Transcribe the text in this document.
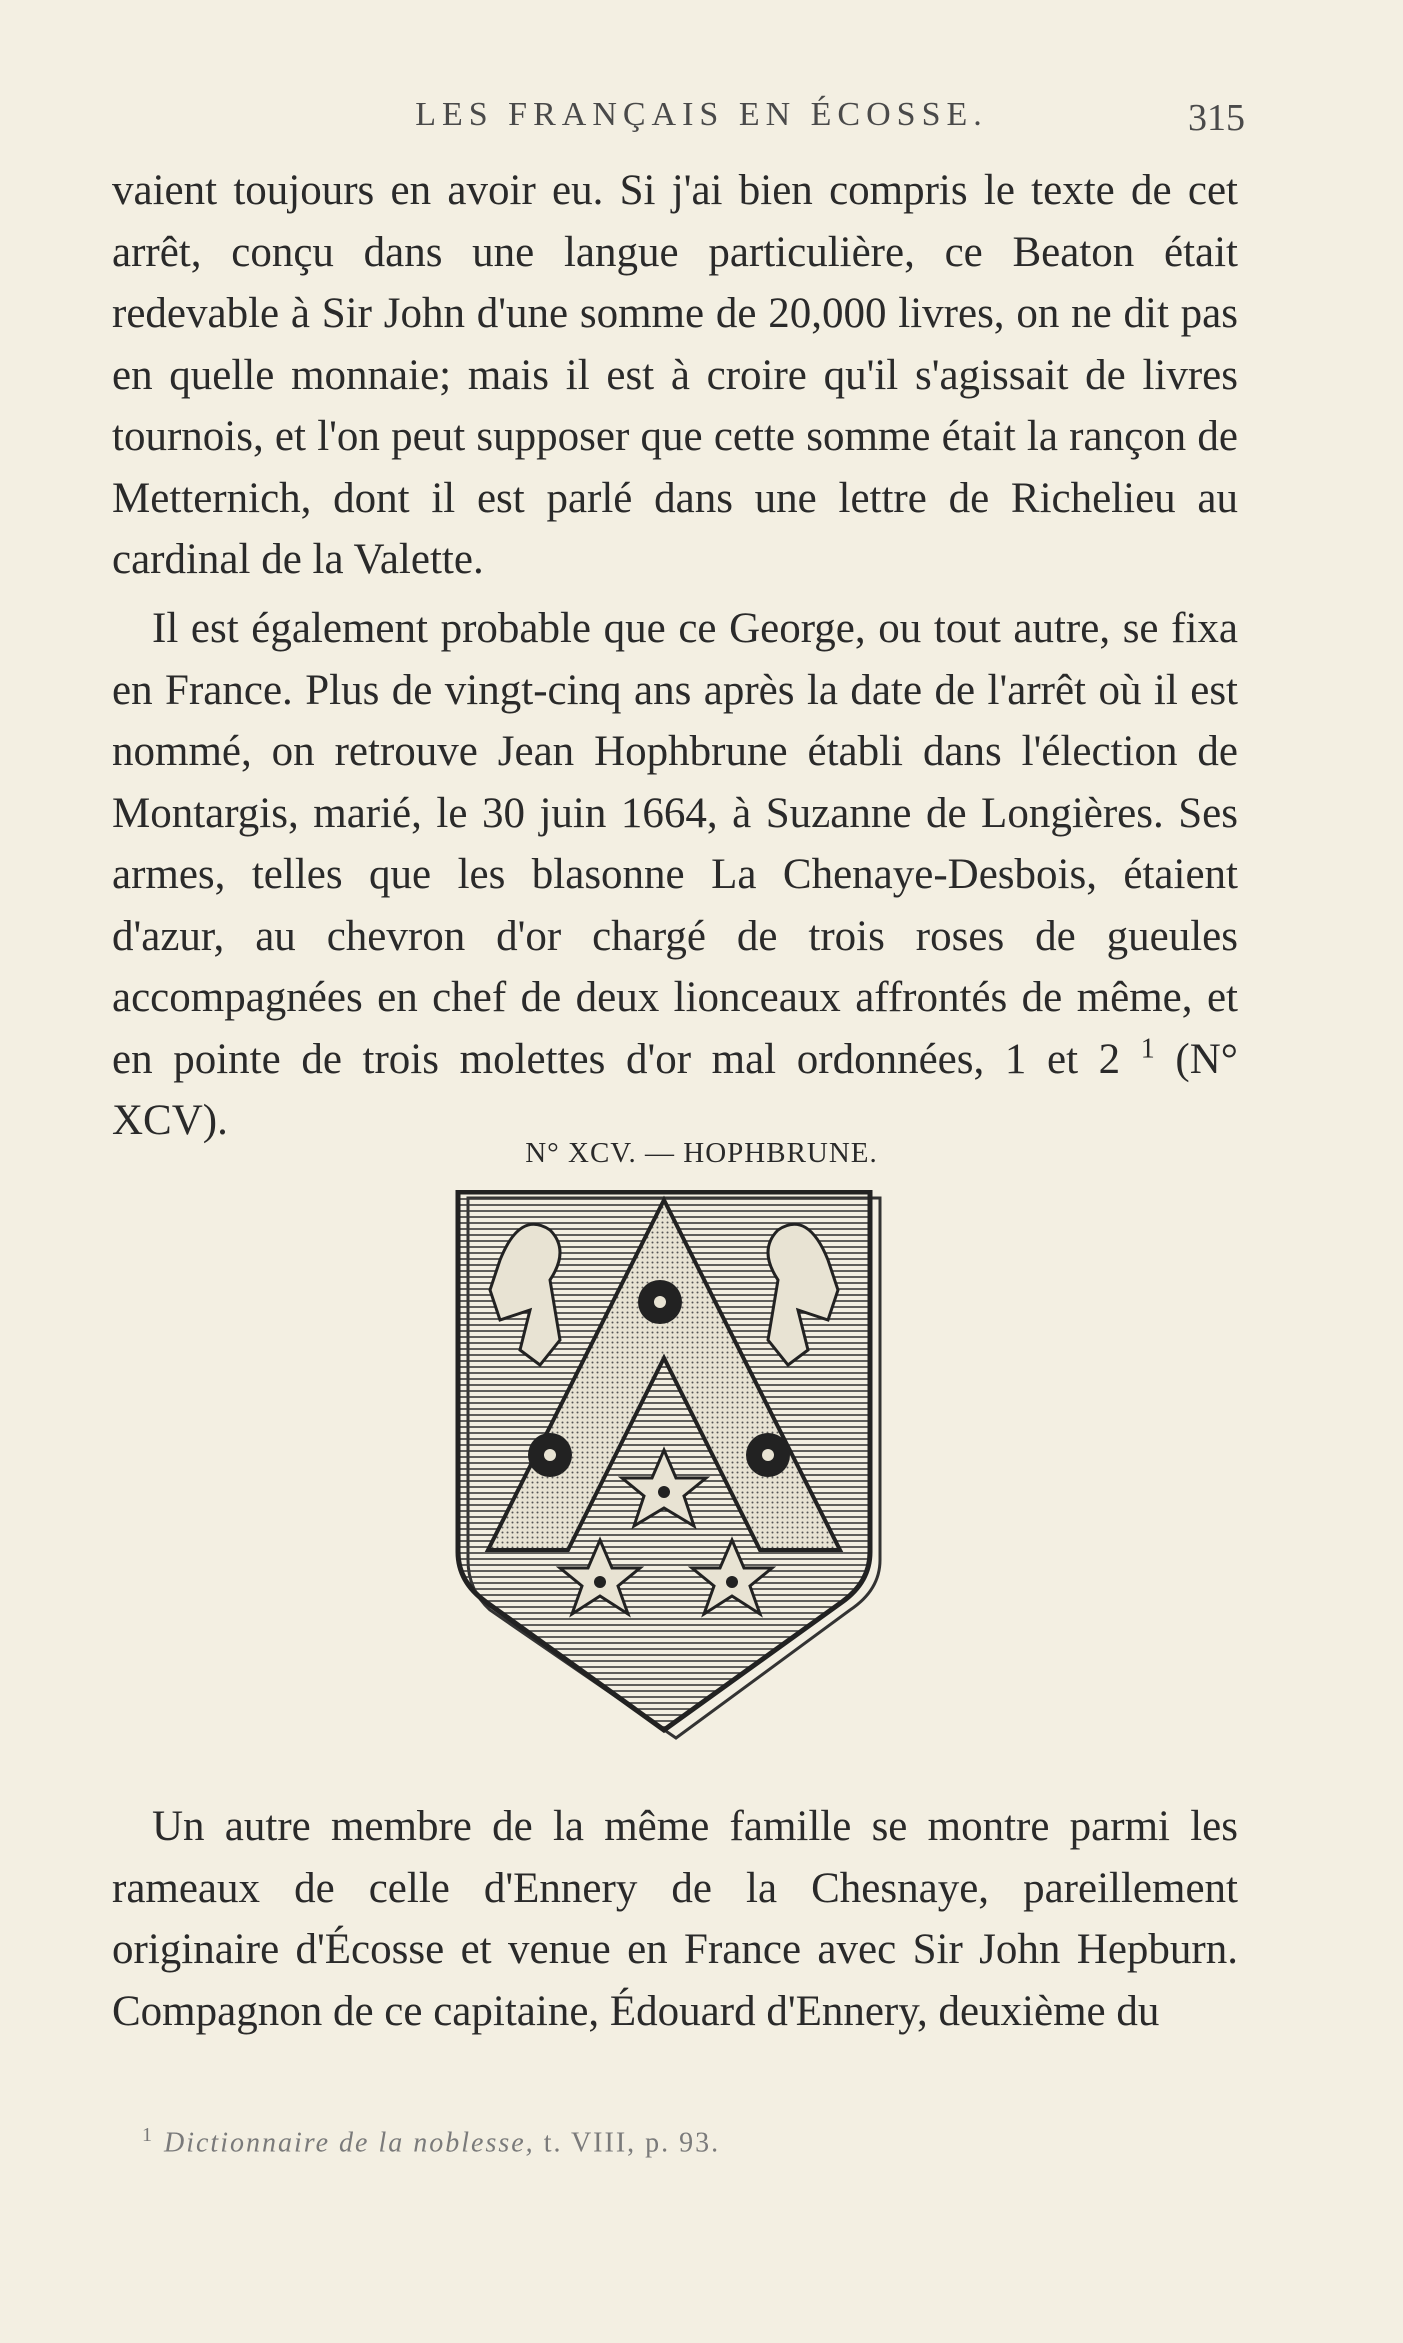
LES FRANÇAIS EN ÉCOSSE.	315

vaient toujours en avoir eu. Si j'ai bien compris le texte de cet arrêt, conçu dans une langue particulière, ce Beaton était redevable à Sir John d'une somme de 20,000 livres, on ne dit pas en quelle monnaie; mais il est à croire qu'il s'agissait de livres tournois, et l'on peut supposer que cette somme était la rançon de Metternich, dont il est parlé dans une lettre de Richelieu au cardinal de la Valette.

Il est également probable que ce George, ou tout autre, se fixa en France. Plus de vingt-cinq ans après la date de l'arrêt où il est nommé, on retrouve Jean Hophbrune établi dans l'élection de Montargis, marié, le 30 juin 1664, à Suzanne de Longières. Ses armes, telles que les blasonne La Chenaye-Desbois, étaient d'azur, au chevron d'or chargé de trois roses de gueules accompagnées en chef de deux lionceaux affrontés de même, et en pointe de trois molettes d'or mal ordonnées, 1 et 2 $^1$ (N° XCV).

N° XCV. — HOPHBRUNE.

Un autre membre de la même famille se montre parmi les rameaux de celle d'Ennery de la Chesnaye, pareillement originaire d'Écosse et venue en France avec Sir John Hepburn. Compagnon de ce capitaine, Édouard d'Ennery, deuxième du

$^1$ Dictionnaire de la noblesse, t. VIII, p. 93.
